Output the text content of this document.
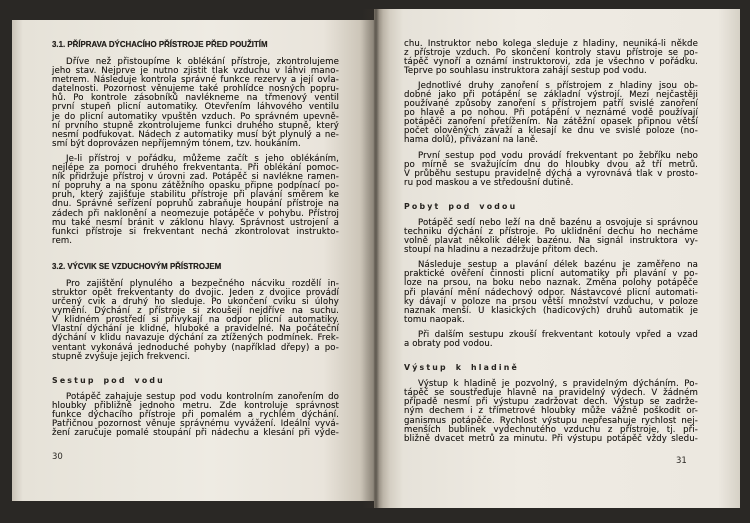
3.1. PŘÍPRAVA DÝCHACÍHO PŘÍSTROJE PŘED POUŽITÍM
Dříve než přistoupíme k oblékání přístroje, zkontrolujeme
jeho stav. Nejprve je nutno zjistit tlak vzduchu v láhvi mano-
metrem. Následuje kontrola správné funkce rezervy a její ovla-
datelnosti. Pozornost věnujeme také prohlídce nosných popru-
hů. Po kontrole zásobníků navlékneme na třmenový ventil
první stupeň plicní automatiky. Otevřením láhvového ventilu
je do plicní automatiky vpuštěn vzduch. Po správném upevně-
ní prvního stupně zkontrolujeme funkci druhého stupně, který
nesmí podfukovat. Nádech z automatiky musí být plynulý a ne-
smí být doprovázen nepříjemným tónem, tzv. houkáním.
Je-li přístroj v pořádku, můžeme začít s jeho oblékáním,
nejlépe za pomoci druhého frekventanta. Při oblékání pomoc-
ník přidržuje přístroj v úrovni zad. Potápěč si navlékne ramen-
ní popruhy a na sponu zátěžního opasku připne podpínací po-
pruh, který zajišťuje stabilitu přístroje při plavání směrem ke
dnu. Správné seřízení popruhů zabraňuje houpání přístroje na
zádech při naklonění a neomezuje potápěče v pohybu. Přístroj
mu také nesmí bránit v záklonu hlavy. Správnost ustrojení a
funkci přístroje si frekventant nechá zkontrolovat instrukto-
rem.
3.2. VÝCVIK SE VZDUCHOVÝM PŘÍSTROJEM
Pro zajištění plynulého a bezpečného nácviku rozdělí in-
struktor opět frekventanty do dvojic. Jeden z dvojice provádí
určený cvik a druhý ho sleduje. Po ukončení cviku si úlohy
vymění. Dýchání z přístroje si zkoušejí nejdříve na suchu.
V klidném prostředí si přivykají na odpor plicní automatiky.
Vlastní dýchání je klidné, hluboké a pravidelné. Na počáteční
dýchání v klidu navazuje dýchání za ztížených podmínek. Frek-
ventant vykonává jednoduché pohyby (například dřepy) a po-
stupně zvyšuje jejich frekvenci.
Sestup pod vodu
Potápěč zahajuje sestup pod vodu kontrolním zanořením do
hloubky přibližně jednoho metru. Zde kontroluje správnost
funkce dýchacího přístroje při pomalém a rychlém dýchání.
Patřičnou pozornost věnuje správnému vyvážení. Ideální vyvá-
žení zaručuje pomalé stoupání při nádechu a klesání při výde-
chu. Instruktor nebo kolega sleduje z hladiny, neuniká-li někde
z přístroje vzduch. Po skončení kontroly stavu přístroje se po-
tápěč vynoří a oznámí instruktorovi, zda je všechno v pořádku.
Teprve po souhlasu instruktora zahájí sestup pod vodu.
Jednotlivé druhy zanoření s přístrojem z hladiny jsou ob-
dobné jako při potápění se základní výstrojí. Mezi nejčastěji
používané způsoby zanoření s přístrojem patří svislé zanoření
po hlavě a po nohou. Při potápění v neznámé vodě používají
potápěči zanoření přetížením. Na zátěžní opasek připnou větší
počet olověných závaží a klesají ke dnu ve svislé poloze (no-
hama dolů), přivázaní na laně.
První sestup pod vodu provádí frekventant po žebříku nebo
po mírně se svažujícím dnu do hloubky dvou až tří metrů.
V průběhu sestupu pravidelně dýchá a vyrovnává tlak v prosto-
ru pod maskou a ve středoušní dutině.
Pobyt pod vodou
Potápěč sedí nebo leží na dně bazénu a osvojuje si správnou
techniku dýchání z přístroje. Po uklidnění dechu ho necháme
volně plavat několik délek bazénu. Na signál instruktora vy-
stoupí na hladinu a nezadržuje přitom dech.
Následuje sestup a plavání délek bazénu je zaměřeno na
praktické ověření činnosti plicní automatiky při plavání v po-
loze na prsou, na boku nebo naznak. Změna polohy potápěče
při plavání mění nádechový odpor. Nástavcové plicní automati-
ky dávají v poloze na prsou větší množství vzduchu, v poloze
naznak menší. U klasických (hadicových) druhů automatik je
tomu naopak.
Při dalším sestupu zkouší frekventant kotouly vpřed a vzad
a obraty pod vodou.
Výstup k hladině
Výstup k hladině je pozvolný, s pravidelným dýcháním. Po-
tápěč se soustřeďuje hlavně na pravidelný výdech. V žádném
případě nesmí při výstupu zadržovat dech. Výstup se zadrže-
ným dechem i z třímetrové hloubky může vážně poškodit or-
ganismus potápěče. Rychlost výstupu nepřesahuje rychlost nej-
menších bublinek vydechnutého vzduchu z přístroje, tj. při-
bližně dvacet metrů za minutu. Při výstupu potápěč vždy sledu-
30	31
